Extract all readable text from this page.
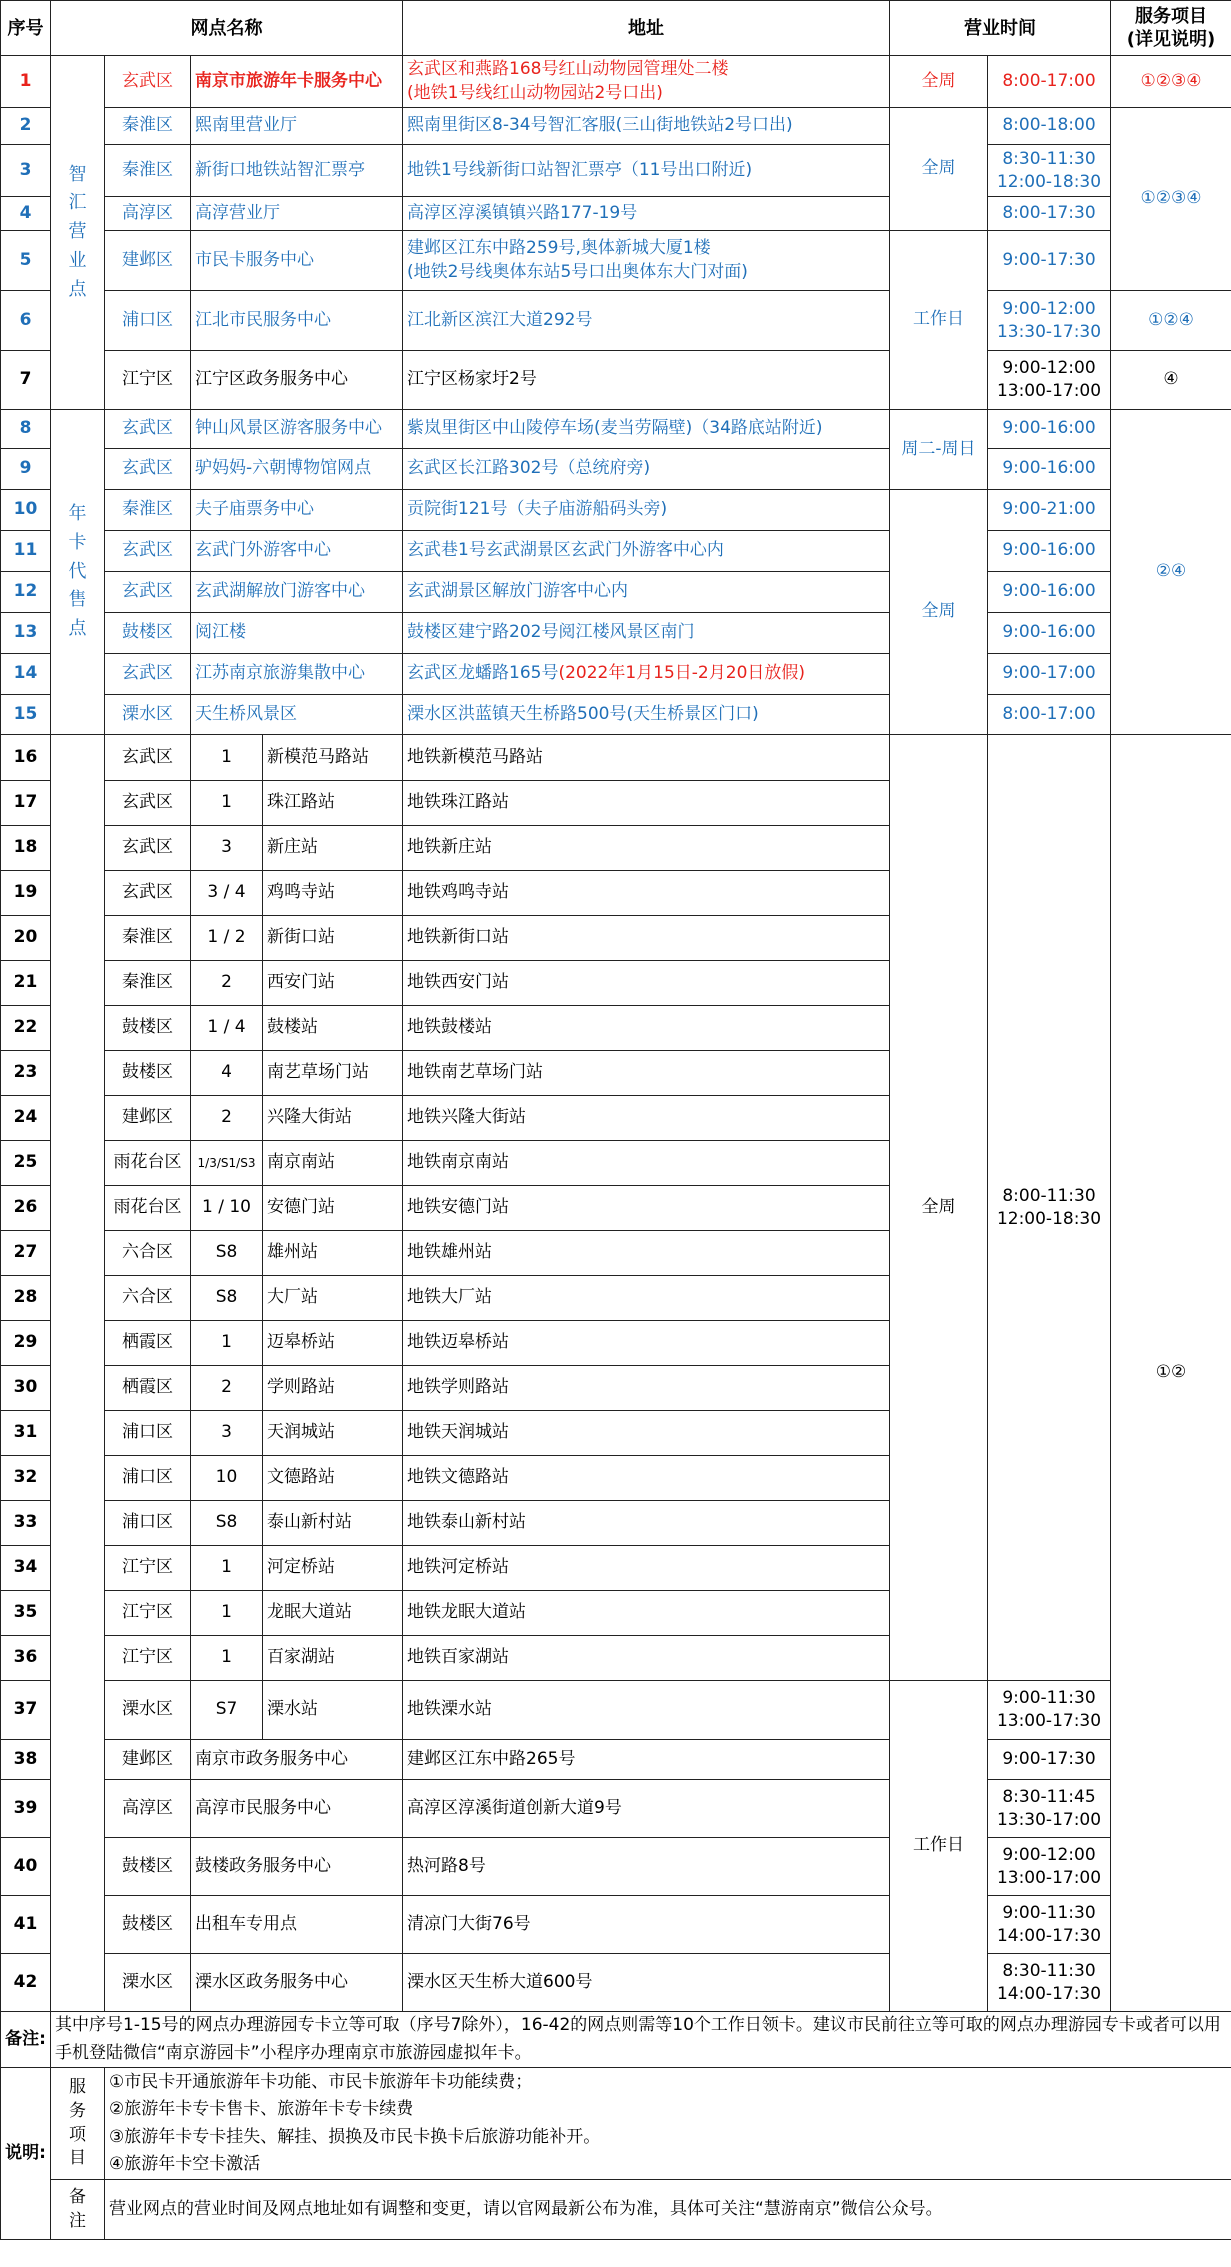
序号	网点名称				地址	营业时间		服务项目
(详见说明)
1	智汇营业点	玄武区	南京市旅游年卡服务中心		玄武区和燕路168号红山动物园管理处二楼
(地铁1号线红山动物园站2号口出)	全周	8:00-17:00	①②③④
2		秦淮区	熙南里营业厅		熙南里街区8-34号智汇客服(三山街地铁站2号口出)	全周	8:00-18:00	①②③④
3		秦淮区	新街口地铁站智汇票亭		地铁1号线新街口站智汇票亭（11号出口附近)		8:30-11:30
12:00-18:30	
4		高淳区	高淳营业厅		高淳区淳溪镇镇兴路177-19号		8:00-17:30	
5		建邺区	市民卡服务中心		建邺区江东中路259号,奥体新城大厦1楼
(地铁2号线奥体东站5号口出奥体东大门对面)	工作日	9:00-17:30	
6		浦口区	江北市民服务中心		江北新区滨江大道292号		9:00-12:00
13:30-17:30	①②④
7		江宁区	江宁区政务服务中心		江宁区杨家圩2号		9:00-12:00
13:00-17:00	④
8	年卡代售点	玄武区	钟山风景区游客服务中心		紫岚里街区中山陵停车场(麦当劳隔壁)（34路底站附近)	周二-周日	9:00-16:00	②④
9		玄武区	驴妈妈-六朝博物馆网点		玄武区长江路302号（总统府旁)		9:00-16:00	
10		秦淮区	夫子庙票务中心		贡院街121号（夫子庙游船码头旁)	全周	9:00-21:00	
11		玄武区	玄武门外游客中心		玄武巷1号玄武湖景区玄武门外游客中心内		9:00-16:00	
12		玄武区	玄武湖解放门游客中心		玄武湖景区解放门游客中心内		9:00-16:00	
13		鼓楼区	阅江楼		鼓楼区建宁路202号阅江楼风景区南门		9:00-16:00	
14		玄武区	江苏南京旅游集散中心		玄武区龙蟠路165号(2022年1月15日-2月20日放假)		9:00-17:00	
15		溧水区	天生桥风景区		溧水区洪蓝镇天生桥路500号(天生桥景区门口)		8:00-17:00	
16		玄武区	1	新模范马路站	地铁新模范马路站	全周	8:00-11:30
12:00-18:30	①②
17		玄武区	1	珠江路站	地铁珠江路站			
18		玄武区	3	新庄站	地铁新庄站			
19		玄武区	3 / 4	鸡鸣寺站	地铁鸡鸣寺站			
20		秦淮区	1 / 2	新街口站	地铁新街口站			
21		秦淮区	2	西安门站	地铁西安门站			
22		鼓楼区	1 / 4	鼓楼站	地铁鼓楼站			
23		鼓楼区	4	南艺草场门站	地铁南艺草场门站			
24		建邺区	2	兴隆大街站	地铁兴隆大街站			
25		雨花台区	1/3/S1/S3	南京南站	地铁南京南站			
26		雨花台区	1 / 10	安德门站	地铁安德门站			
27		六合区	S8	雄州站	地铁雄州站			
28		六合区	S8	大厂站	地铁大厂站			
29		栖霞区	1	迈皋桥站	地铁迈皋桥站			
30		栖霞区	2	学则路站	地铁学则路站			
31		浦口区	3	天润城站	地铁天润城站			
32		浦口区	10	文德路站	地铁文德路站			
33		浦口区	S8	泰山新村站	地铁泰山新村站			
34		江宁区	1	河定桥站	地铁河定桥站			
35		江宁区	1	龙眠大道站	地铁龙眠大道站			
36		江宁区	1	百家湖站	地铁百家湖站			
37		溧水区	S7	溧水站	地铁溧水站	工作日	9:00-11:30
13:00-17:30	
38		建邺区	南京市政务服务中心		建邺区江东中路265号		9:00-17:30	
39		高淳区	高淳市民服务中心		高淳区淳溪街道创新大道9号		8:30-11:45
13:30-17:00	
40		鼓楼区	鼓楼政务服务中心		热河路8号		9:00-12:00
13:00-17:00	
41		鼓楼区	出租车专用点		清凉门大街76号		9:00-11:30
14:00-17:30	
42		溧水区	溧水区政务服务中心		溧水区天生桥大道600号		8:30-11:30
14:00-17:30	
备注:	其中序号1-15号的网点办理游园专卡立等可取（序号7除外），16-42的网点则需等10个工作日领卡。建议市民前往立等可取的网点办理游园专卡或者可以用手机登陆微信“南京游园卡”小程序办理南京市旅游园虚拟年卡。							
说明:	服务项目	①市民卡开通旅游年卡功能、市民卡旅游年卡功能续费；
②旅游年卡专卡售卡、旅游年卡专卡续费
③旅游年卡专卡挂失、解挂、损换及市民卡换卡后旅游功能补开。
④旅游年卡空卡激活						

	备注	营业网点的营业时间及网点地址如有调整和变更，请以官网最新公布为准，具体可关注“慧游南京”微信公众号。						
